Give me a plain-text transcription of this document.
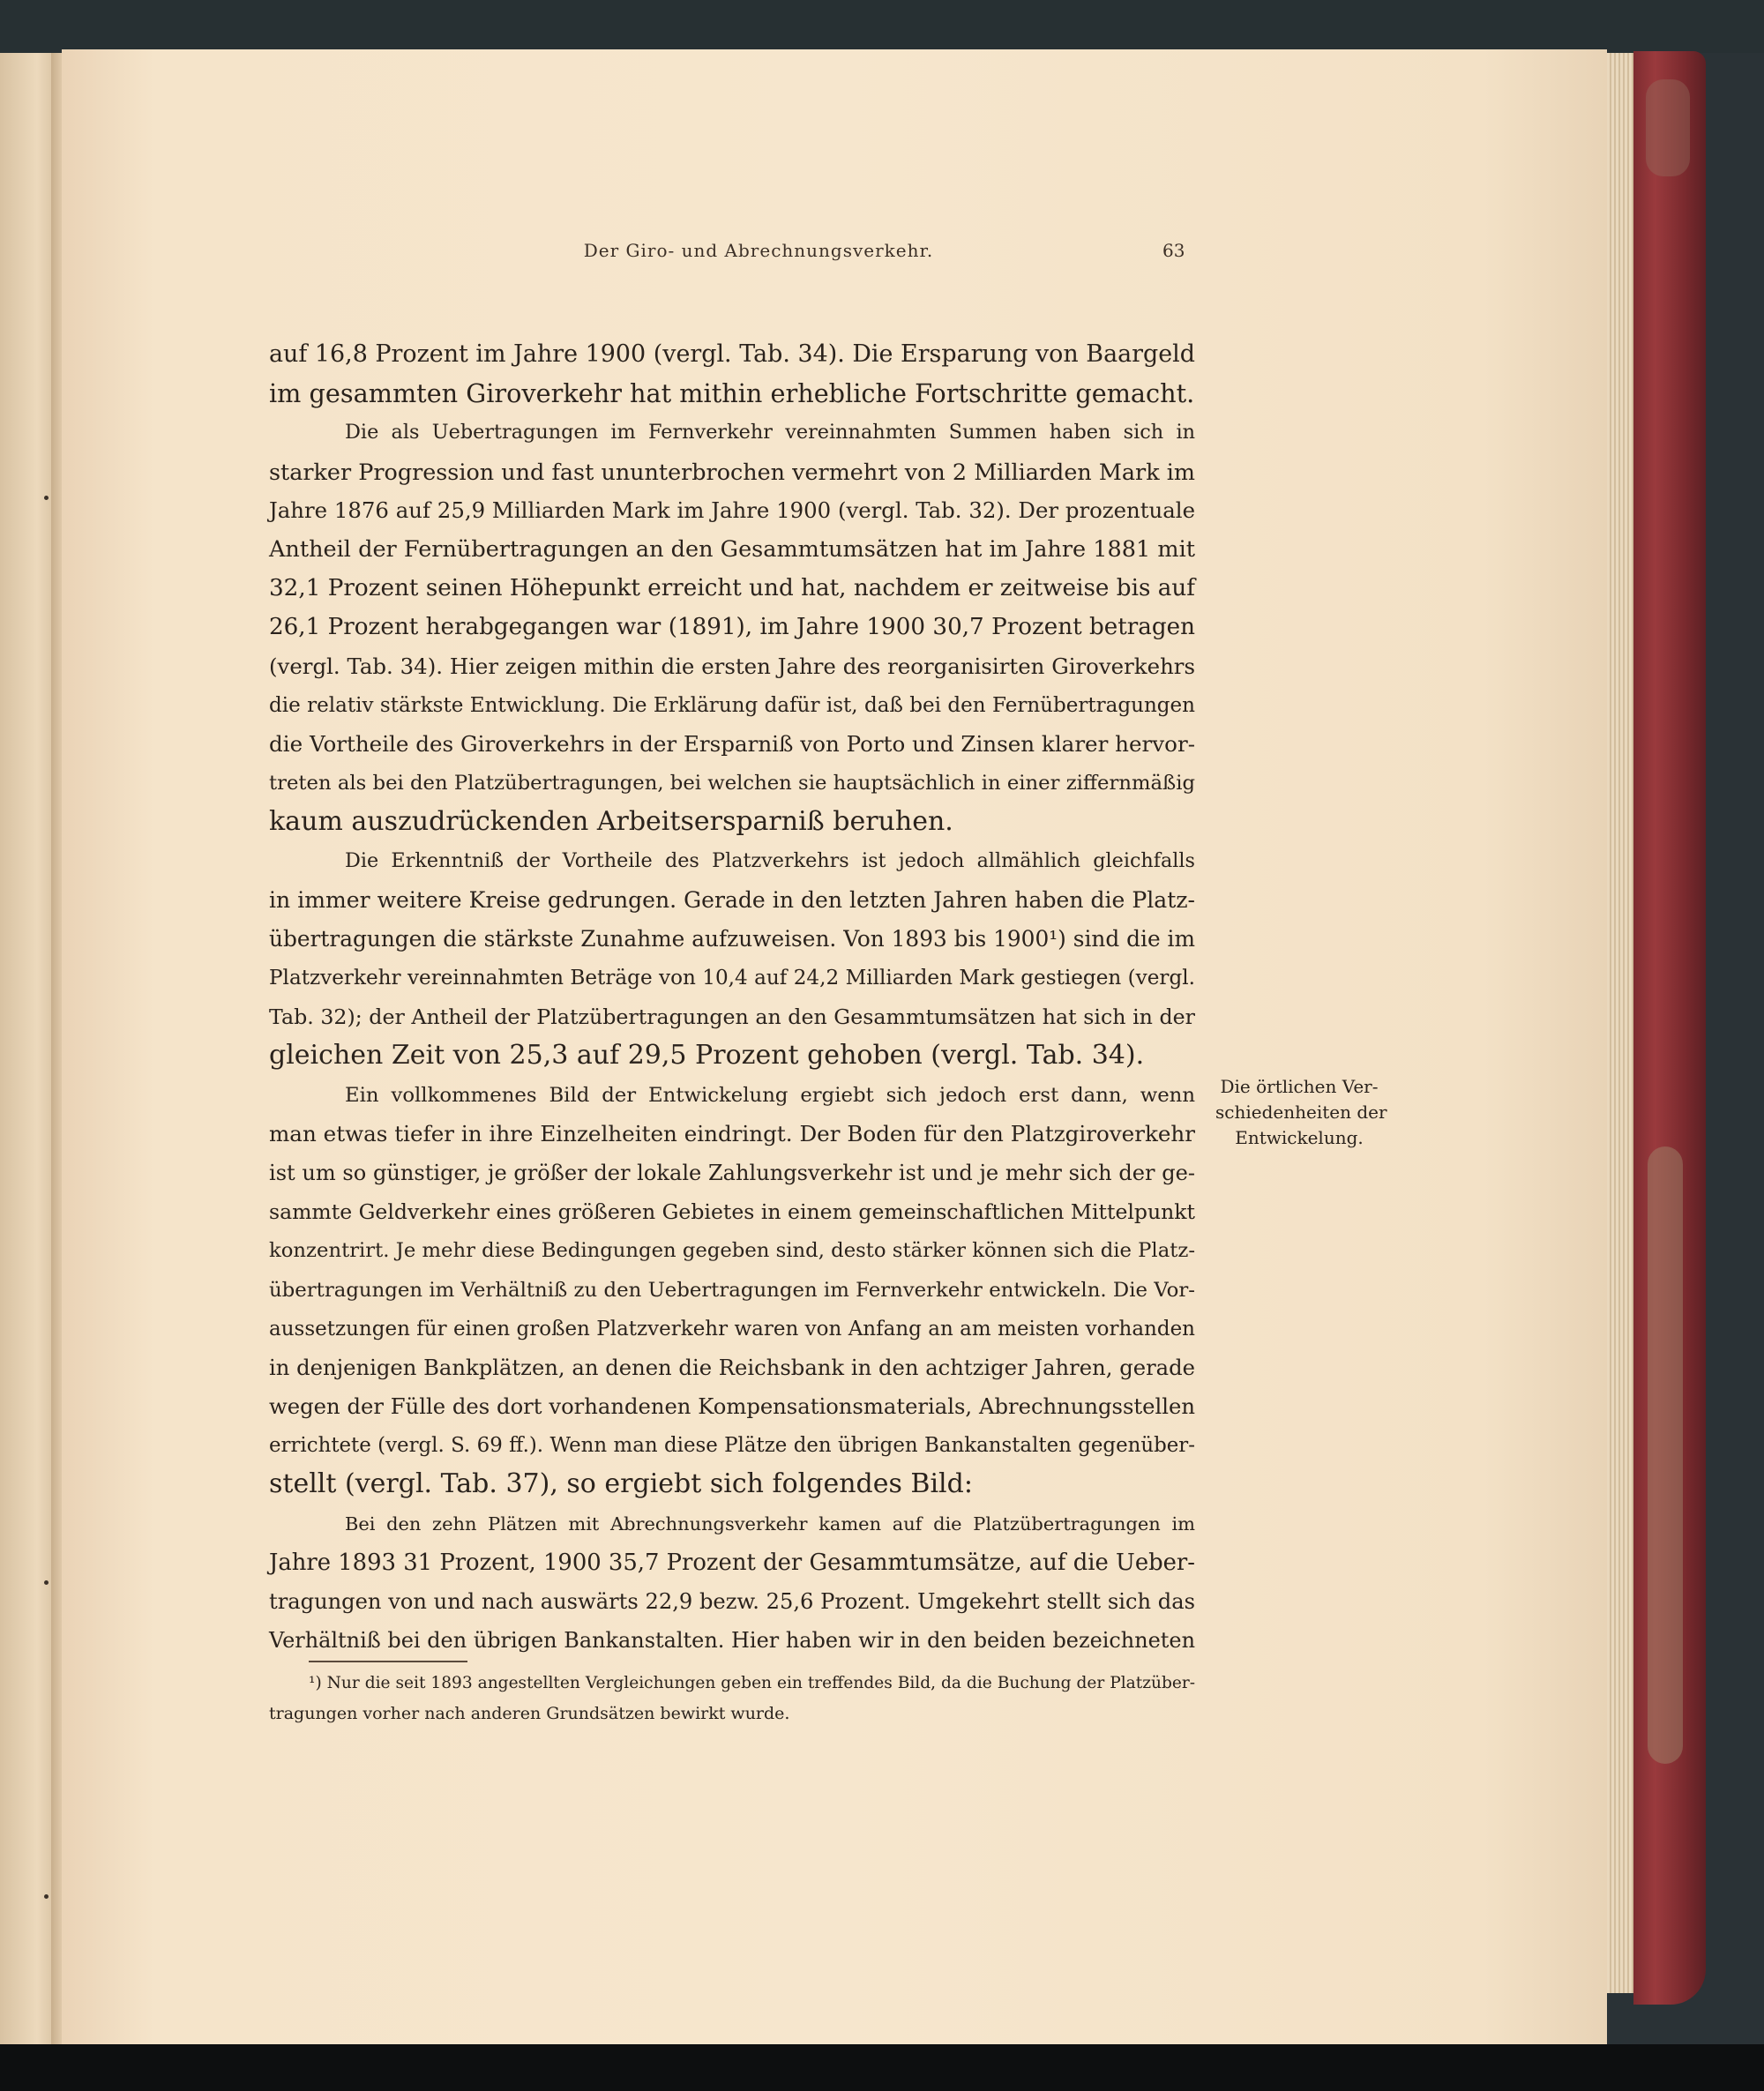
Der Giro- und Abrechnungsverkehr.	63
auf 16,8 Prozent im Jahre 1900 (vergl. Tab. 34). Die Ersparung von Baargeld
im gesammten Giroverkehr hat mithin erhebliche Fortschritte gemacht.
Die als Uebertragungen im Fernverkehr vereinnahmten Summen haben sich in
starker Progression und fast ununterbrochen vermehrt von 2 Milliarden Mark im
Jahre 1876 auf 25,9 Milliarden Mark im Jahre 1900 (vergl. Tab. 32). Der prozentuale
Antheil der Fernübertragungen an den Gesammtumsätzen hat im Jahre 1881 mit
32,1 Prozent seinen Höhepunkt erreicht und hat, nachdem er zeitweise bis auf
26,1 Prozent herabgegangen war (1891), im Jahre 1900 30,7 Prozent betragen
(vergl. Tab. 34). Hier zeigen mithin die ersten Jahre des reorganisirten Giroverkehrs
die relativ stärkste Entwicklung. Die Erklärung dafür ist, daß bei den Fernübertragungen
die Vortheile des Giroverkehrs in der Ersparniß von Porto und Zinsen klarer hervor-
treten als bei den Platzübertragungen, bei welchen sie hauptsächlich in einer ziffernmäßig
kaum auszudrückenden Arbeitsersparniß beruhen.
Die Erkenntniß der Vortheile des Platzverkehrs ist jedoch allmählich gleichfalls
in immer weitere Kreise gedrungen. Gerade in den letzten Jahren haben die Platz-
übertragungen die stärkste Zunahme aufzuweisen. Von 1893 bis 1900¹) sind die im
Platzverkehr vereinnahmten Beträge von 10,4 auf 24,2 Milliarden Mark gestiegen (vergl.
Tab. 32); der Antheil der Platzübertragungen an den Gesammtumsätzen hat sich in der
gleichen Zeit von 25,3 auf 29,5 Prozent gehoben (vergl. Tab. 34).
Ein vollkommenes Bild der Entwickelung ergiebt sich jedoch erst dann, wenn
man etwas tiefer in ihre Einzelheiten eindringt. Der Boden für den Platzgiroverkehr
ist um so günstiger, je größer der lokale Zahlungsverkehr ist und je mehr sich der ge-
sammte Geldverkehr eines größeren Gebietes in einem gemeinschaftlichen Mittelpunkt
konzentrirt. Je mehr diese Bedingungen gegeben sind, desto stärker können sich die Platz-
übertragungen im Verhältniß zu den Uebertragungen im Fernverkehr entwickeln. Die Vor-
aussetzungen für einen großen Platzverkehr waren von Anfang an am meisten vorhanden
in denjenigen Bankplätzen, an denen die Reichsbank in den achtziger Jahren, gerade
wegen der Fülle des dort vorhandenen Kompensationsmaterials, Abrechnungsstellen
errichtete (vergl. S. 69 ff.). Wenn man diese Plätze den übrigen Bankanstalten gegenüber-
stellt (vergl. Tab. 37), so ergiebt sich folgendes Bild:
Bei den zehn Plätzen mit Abrechnungsverkehr kamen auf die Platzübertragungen im
Jahre 1893 31 Prozent, 1900 35,7 Prozent der Gesammtumsätze, auf die Ueber-
tragungen von und nach auswärts 22,9 bezw. 25,6 Prozent. Umgekehrt stellt sich das
Verhältniß bei den übrigen Bankanstalten. Hier haben wir in den beiden bezeichneten
Die örtlichen Ver-
schiedenheiten der
Entwickelung.
¹) Nur die seit 1893 angestellten Vergleichungen geben ein treffendes Bild, da die Buchung der Platzüber-
tragungen vorher nach anderen Grundsätzen bewirkt wurde.
